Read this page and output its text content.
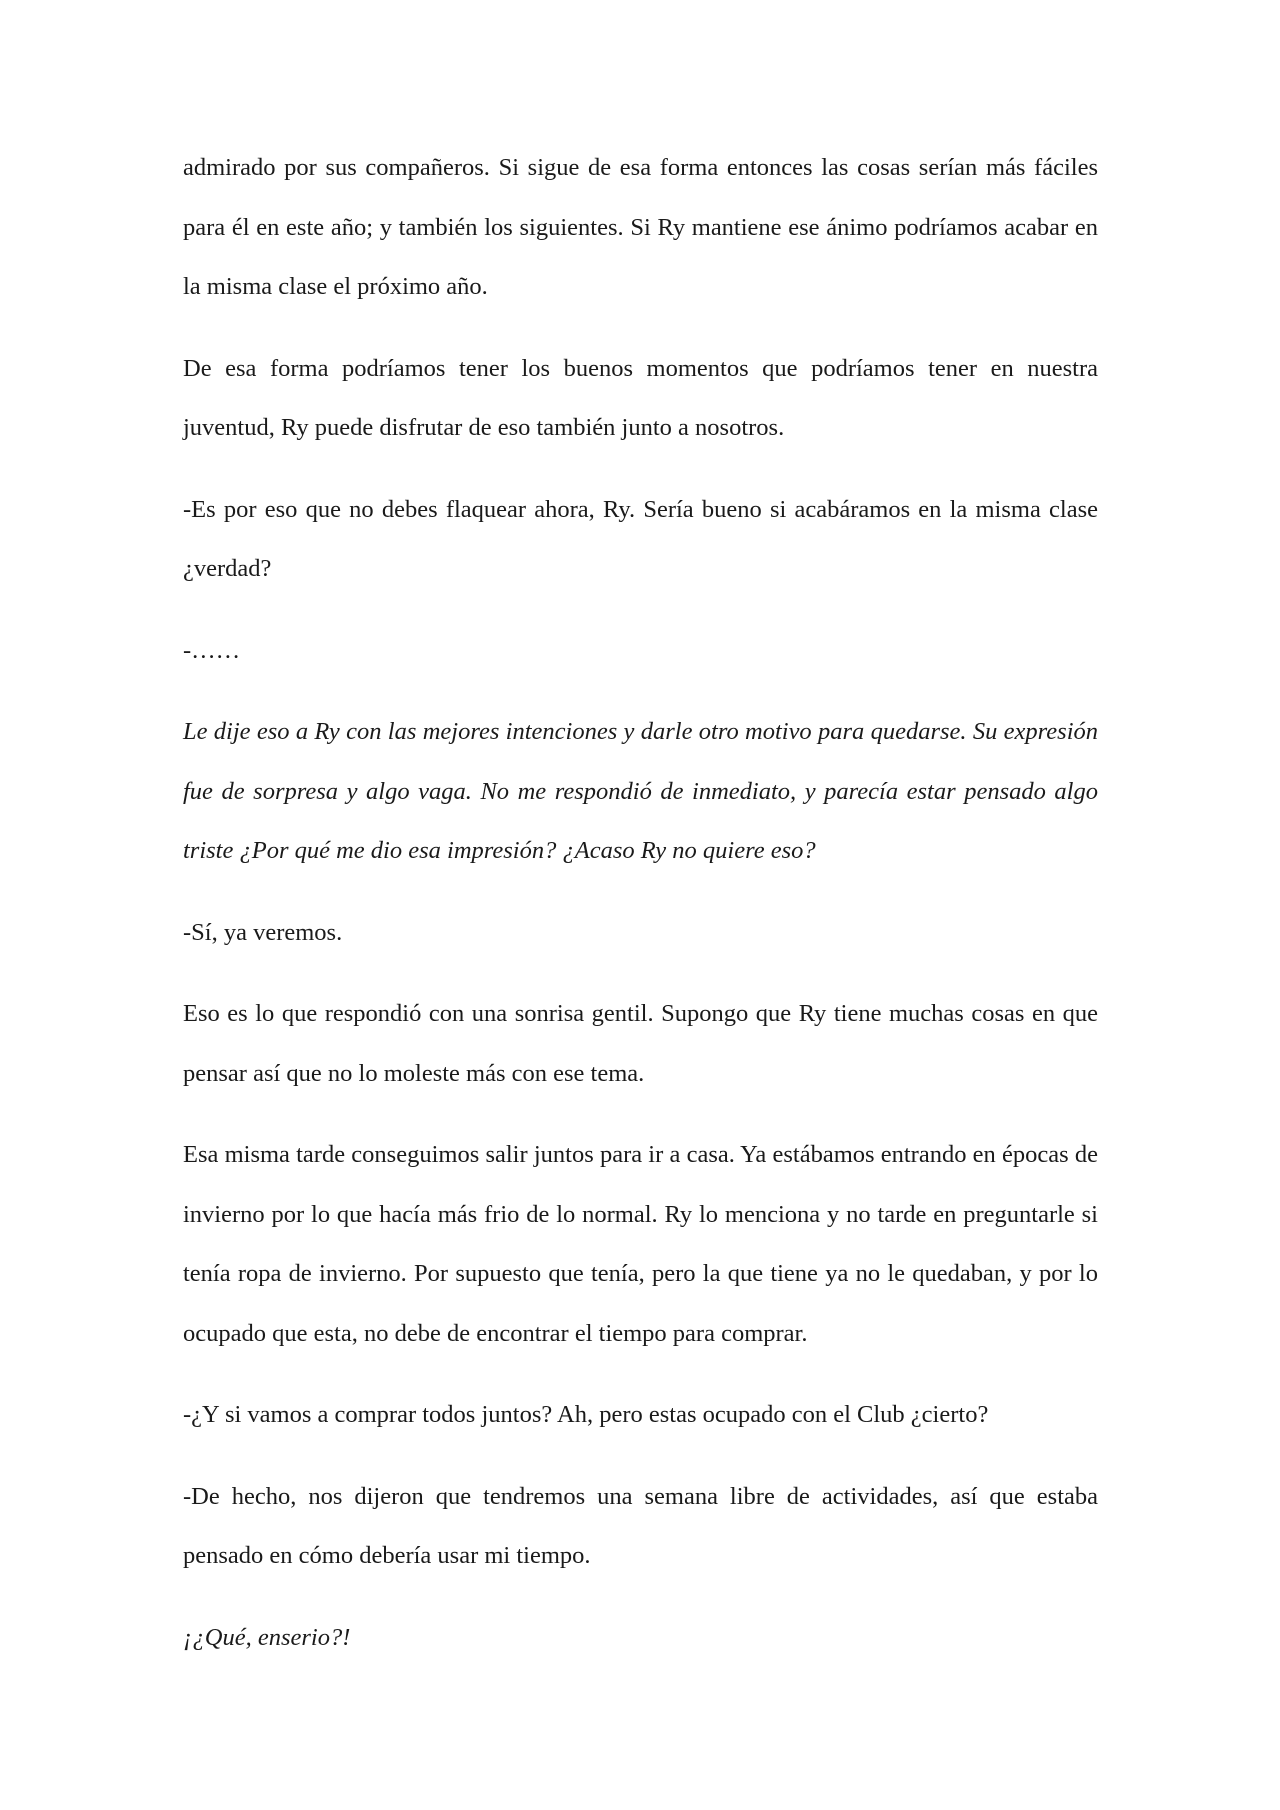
admirado por sus compañeros. Si sigue de esa forma entonces las cosas serían más fáciles para él en este año; y también los siguientes. Si Ry mantiene ese ánimo podríamos acabar en la misma clase el próximo año.

De esa forma podríamos tener los buenos momentos que podríamos tener en nuestra juventud, Ry puede disfrutar de eso también junto a nosotros.

-Es por eso que no debes flaquear ahora, Ry. Sería bueno si acabáramos en la misma clase ¿verdad?

-……

Le dije eso a Ry con las mejores intenciones y darle otro motivo para quedarse. Su expresión fue de sorpresa y algo vaga. No me respondió de inmediato, y parecía estar pensado algo triste ¿Por qué me dio esa impresión? ¿Acaso Ry no quiere eso?

-Sí, ya veremos.

Eso es lo que respondió con una sonrisa gentil. Supongo que Ry tiene muchas cosas en que pensar así que no lo moleste más con ese tema.

Esa misma tarde conseguimos salir juntos para ir a casa. Ya estábamos entrando en épocas de invierno por lo que hacía más frio de lo normal. Ry lo menciona y no tarde en preguntarle si tenía ropa de invierno. Por supuesto que tenía, pero la que tiene ya no le quedaban, y por lo ocupado que esta, no debe de encontrar el tiempo para comprar.

-¿Y si vamos a comprar todos juntos? Ah, pero estas ocupado con el Club ¿cierto?

-De hecho, nos dijeron que tendremos una semana libre de actividades, así que estaba pensado en cómo debería usar mi tiempo.

¡¿Qué, enserio?!
